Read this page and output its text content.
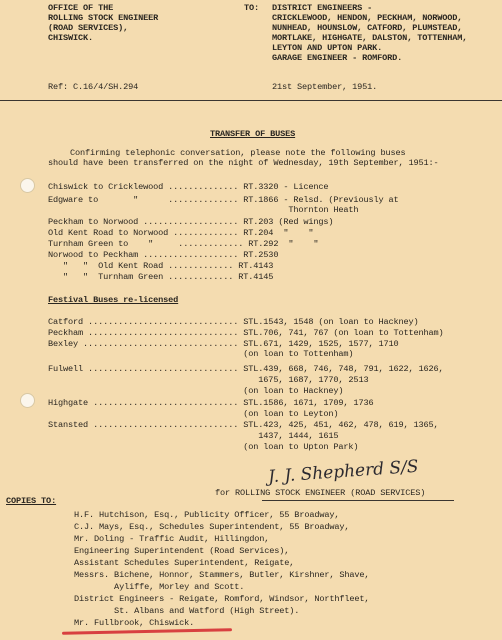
OFFICE OF THE
ROLLING STOCK ENGINEER
(ROAD SERVICES),
CHISWICK.
TO: DISTRICT ENGINEERS -
CRICKLEWOOD, HENDON, PECKHAM, NORWOOD,
NUNHEAD, HOUNSLOW, CATFORD, PLUMSTEAD,
MORTLAKE, HIGHGATE, DALSTON, TOTTENHAM,
LEYTON AND UPTON PARK.
GARAGE ENGINEER - ROMFORD.
Ref: C.16/4/SH.294	21st September, 1951.
TRANSFER OF BUSES
Confirming telephonic conversation, please note the following buses
should have been transferred on the night of Wednesday, 19th September, 1951:-
Chiswick to Cricklewood .............. RT.3320 - Licence
Edgware to       "      .............. RT.1866 - Relsd. (Previously at
Thornton Heath
Peckham to Norwood ................... RT.203 (Red wings)
Old Kent Road to Norwood ............. RT.204  "    "
Turnham Green to    "     ............. RT.292  "    "
Norwood to Peckham ................... RT.2530
"   "  Old Kent Road ............. RT.4143
"   "  Turnham Green ............. RT.4145
Festival Buses re-licensed
Catford .............................. STL.1543, 1548 (on loan to Hackney)
Peckham .............................. STL.706, 741, 767 (on loan to Tottenham)
Bexley ............................... STL.671, 1429, 1525, 1577, 1710
(on loan to Tottenham)
Fulwell .............................. STL.439, 668, 746, 748, 791, 1622, 1626,
1675, 1687, 1770, 2513
(on loan to Hackney)
Highgate ............................. STL.1586, 1671, 1709, 1736
(on loan to Leyton)
Stansted ............................. STL.423, 425, 451, 462, 478, 619, 1365,
1437, 1444, 1615
(on loan to Upton Park)
J. J. Shepherd S/S
for ROLLING STOCK ENGINEER (ROAD SERVICES)
COPIES TO:
H.F. Hutchison, Esq., Publicity Officer, 55 Broadway,
C.J. Mays, Esq., Schedules Superintendent, 55 Broadway,
Mr. Doling - Traffic Audit, Hillingdon,
Engineering Superintendent (Road Services),
Assistant Schedules Superintendent, Reigate,
Messrs. Bichene, Honnor, Stammers, Butler, Kirshner, Shave,
Ayliffe, Morley and Scott.
District Engineers - Reigate, Romford, Windsor, Northfleet,
St. Albans and Watford (High Street).
Mr. Fullbrook, Chiswick.
